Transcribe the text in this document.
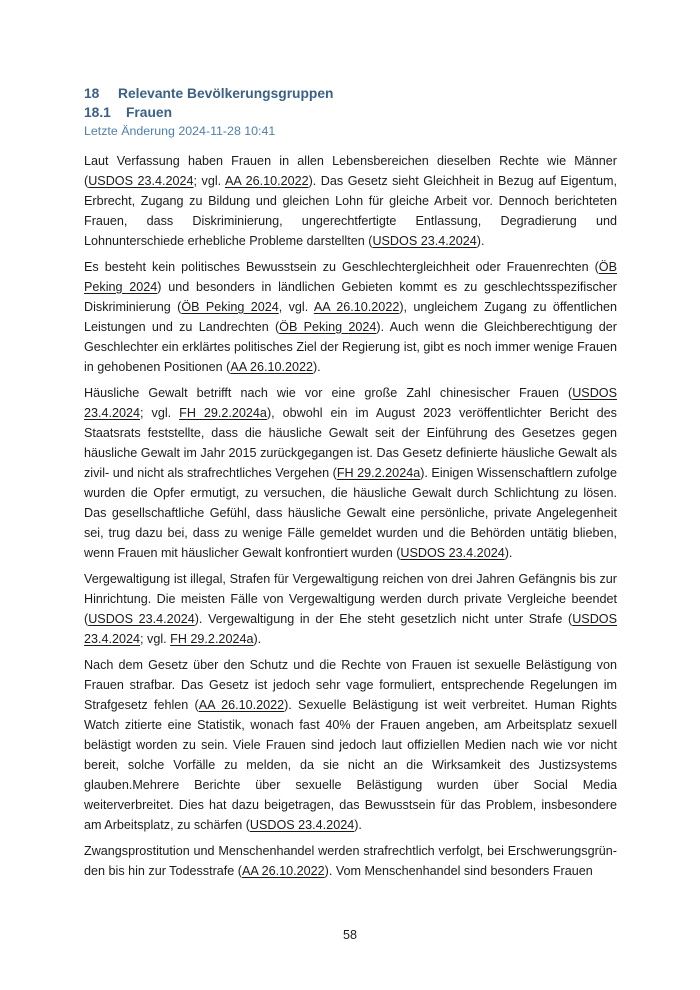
18 Relevante Bevölkerungsgruppen
18.1 Frauen
Letzte Änderung 2024-11-28 10:41

Laut Verfassung haben Frauen in allen Lebensbereichen dieselben Rechte wie Männer (USDOS 23.4.2024; vgl. AA 26.10.2022). Das Gesetz sieht Gleichheit in Bezug auf Eigentum, Erbrecht, Zugang zu Bildung und gleichen Lohn für gleiche Arbeit vor. Dennoch berichteten Frauen, dass Diskriminierung, ungerechtfertigte Entlassung, Degradierung und Lohnunterschiede erhebliche Probleme darstellten (USDOS 23.4.2024).

Es besteht kein politisches Bewusstsein zu Geschlechtergleichheit oder Frauenrechten (ÖB Peking 2024) und besonders in ländlichen Gebieten kommt es zu geschlechtsspezifischer Diskriminierung (ÖB Peking 2024, vgl. AA 26.10.2022), ungleichem Zugang zu öffentlichen Leistungen und zu Landrechten (ÖB Peking 2024). Auch wenn die Gleichberechtigung der Geschlechter ein erklärtes politisches Ziel der Regierung ist, gibt es noch immer wenige Frauen in gehobenen Positionen (AA 26.10.2022).

Häusliche Gewalt betrifft nach wie vor eine große Zahl chinesischer Frauen (USDOS 23.4.2024; vgl. FH 29.2.2024a), obwohl ein im August 2023 veröffentlichter Bericht des Staatsrats feststellte, dass die häusliche Gewalt seit der Einführung des Gesetzes gegen häusliche Gewalt im Jahr 2015 zurückgegangen ist. Das Gesetz definierte häusliche Gewalt als zivil- und nicht als strafrechtliches Vergehen (FH 29.2.2024a). Einigen Wissenschaftlern zufolge wurden die Opfer ermutigt, zu versuchen, die häusliche Gewalt durch Schlichtung zu lösen. Das gesellschaftliche Gefühl, dass häusliche Gewalt eine persönliche, private Angelegenheit sei, trug dazu bei, dass zu wenige Fälle gemeldet wurden und die Behörden untätig blieben, wenn Frauen mit häuslicher Gewalt konfrontiert wurden (USDOS 23.4.2024).

Vergewaltigung ist illegal, Strafen für Vergewaltigung reichen von drei Jahren Gefängnis bis zur Hinrichtung. Die meisten Fälle von Vergewaltigung werden durch private Vergleiche beendet (USDOS 23.4.2024). Vergewaltigung in der Ehe steht gesetzlich nicht unter Strafe (USDOS 23.4.2024; vgl. FH 29.2.2024a).

Nach dem Gesetz über den Schutz und die Rechte von Frauen ist sexuelle Belästigung von Frauen strafbar. Das Gesetz ist jedoch sehr vage formuliert, entsprechende Regelungen im Strafgesetz fehlen (AA 26.10.2022). Sexuelle Belästigung ist weit verbreitet. Human Rights Watch zitierte eine Statistik, wonach fast 40% der Frauen angeben, am Arbeitsplatz sexuell belästigt worden zu sein. Viele Frauen sind jedoch laut offiziellen Medien nach wie vor nicht bereit, solche Vorfälle zu melden, da sie nicht an die Wirksamkeit des Justizsystems glauben.Mehrere Berichte über sexuelle Belästigung wurden über Social Media weiterverbreitet. Dies hat dazu beigetragen, das Bewusstsein für das Problem, insbesondere am Arbeitsplatz, zu schärfen (USDOS 23.4.2024).

Zwangsprostitution und Menschenhandel werden strafrechtlich verfolgt, bei Erschwerungsgründen bis hin zur Todesstrafe (AA 26.10.2022). Vom Menschenhandel sind besonders Frauen

58
